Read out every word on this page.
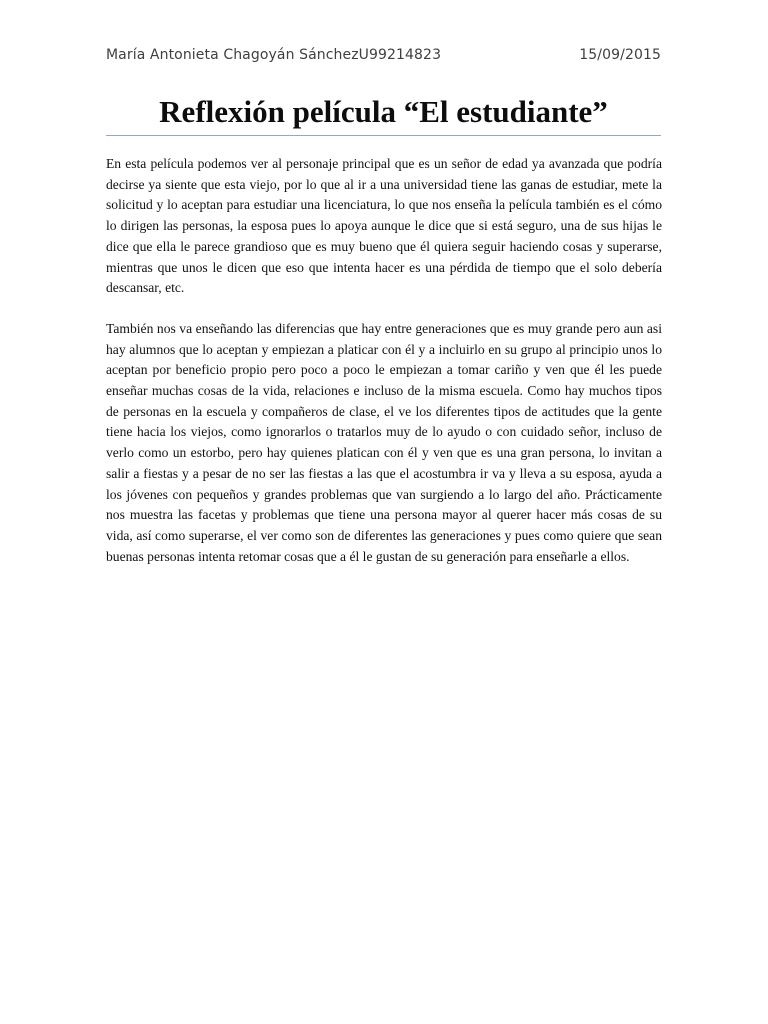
María Antonieta Chagoyán SánchezU99214823	15/09/2015
Reflexión película “El estudiante”

En esta película podemos ver al personaje principal que es un señor de edad ya avanzada que podría decirse ya siente que esta viejo, por lo que al ir a una universidad tiene las ganas de estudiar, mete la solicitud y lo aceptan para estudiar una licenciatura, lo que nos enseña la película también es el cómo lo dirigen las personas, la esposa pues lo apoya aunque le dice que si está seguro, una de sus hijas le dice que ella le parece grandioso que es muy bueno que él quiera seguir haciendo cosas y superarse, mientras que unos le dicen que eso que intenta hacer es una pérdida de tiempo que el solo debería descansar, etc.

También nos va enseñando las diferencias que hay entre generaciones que es muy grande pero aun asi hay alumnos que lo aceptan y empiezan a platicar con él y a incluirlo en su grupo al principio unos lo aceptan por beneficio propio pero poco a poco le empiezan a tomar cariño y ven que él les puede enseñar muchas cosas de la vida, relaciones e incluso de la misma escuela. Como hay muchos tipos de personas en la escuela y compañeros de clase, el ve los diferentes tipos de actitudes que la gente tiene hacia los viejos, como ignorarlos o tratarlos muy de lo ayudo o con cuidado señor, incluso de verlo como un estorbo, pero hay quienes platican con él y ven que es una gran persona, lo invitan a salir a fiestas y a pesar de no ser las fiestas a las que el acostumbra ir va y lleva a su esposa, ayuda a los jóvenes con pequeños y grandes problemas que van surgiendo a lo largo del año. Prácticamente nos muestra las facetas y problemas que tiene una persona mayor al querer hacer más cosas de su vida, así como superarse, el ver como son de diferentes las generaciones y pues como quiere que sean buenas personas intenta retomar cosas que a él le gustan de su generación para enseñarle a ellos.
